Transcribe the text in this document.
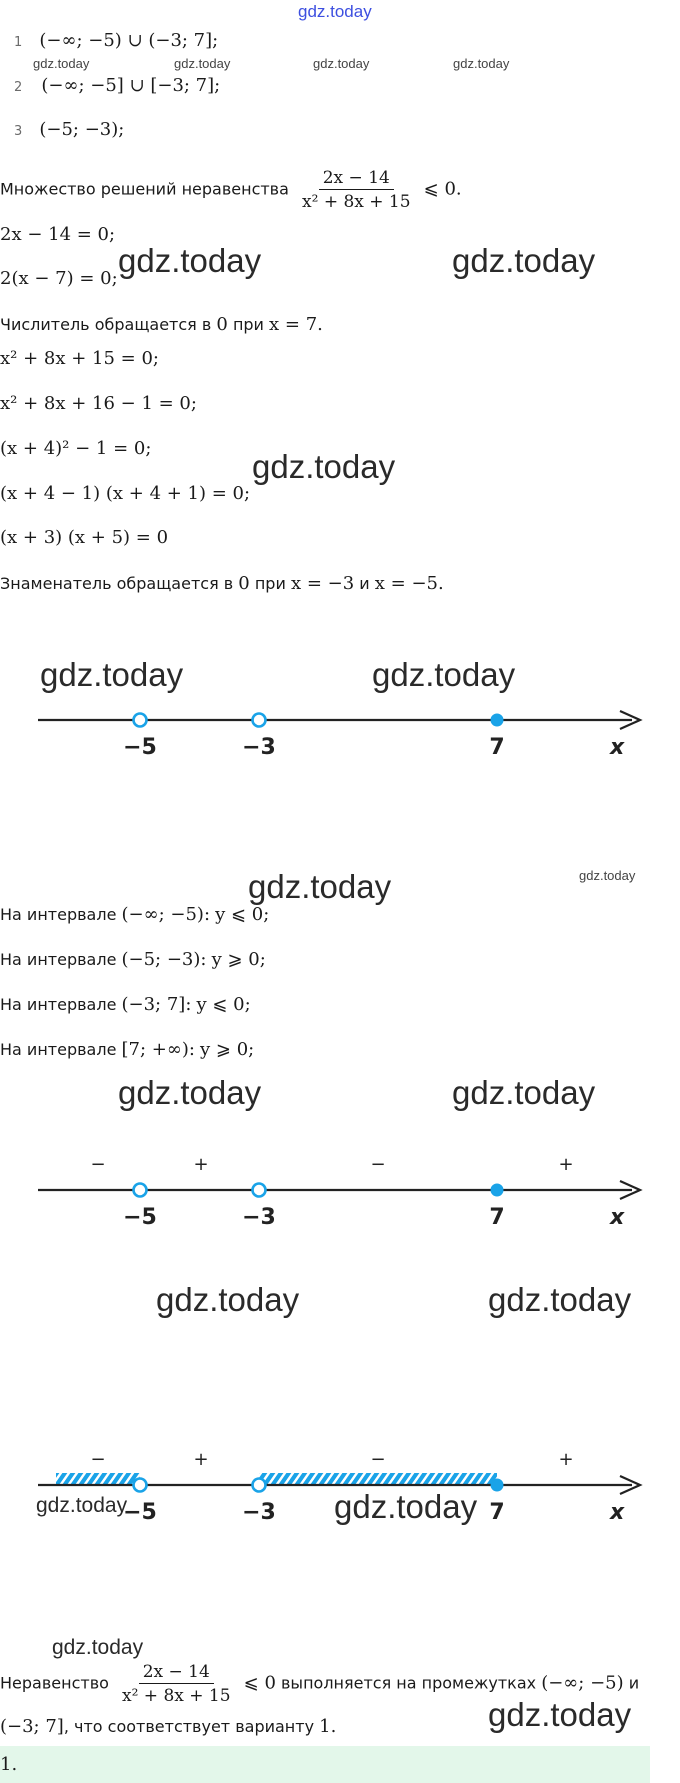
gdz.today
1 (−∞; −5) ∪ (−3; 7];
gdz.today	gdz.today	gdz.today	gdz.today
2 (−∞; −5] ∪ [−3; 7];
3 (−5; −3);
Множество решений неравенства $\frac{2x - 14}{\text{x² + 8x + 15}}$ ⩽ 0.
2x − 14 = 0;
2(x − 7) = 0; gdz.today	gdz.today
Числитель обращается в 0 при x = 7.
x² + 8x + 15 = 0;
x² + 8x + 16 − 1 = 0;
(x + 4)² − 1 = 0;
(x + 4 − 1) (x + 4 + 1) = 0;
(x + 3) (x + 5) = 0
gdz.today
Знаменатель обращается в 0 при x = −3 и x = −5.
gdz.today	gdz.today
−5	−3	7	x
gdz.today	gdz.today
На интервале (−∞; −5): y ⩽ 0;
На интервале (−5; −3): y ⩾ 0;
На интервале (−3; 7]: y ⩽ 0;
На интервале [7; +∞): y ⩾ 0;
gdz.today	gdz.today
−	+	−	+
−5	−3	7	x
gdz.today	gdz.today
−	+	−	+
−5	−3	7	x
gdz.today	gdz.today
gdz.today
Неравенство $\frac{2x - 14}{\text{x² + 8x + 15}}$ ⩽ 0 выполняется на промежутках (−∞; −5) и
(−3; 7], что соответствует варианту 1.	gdz.today
1.
